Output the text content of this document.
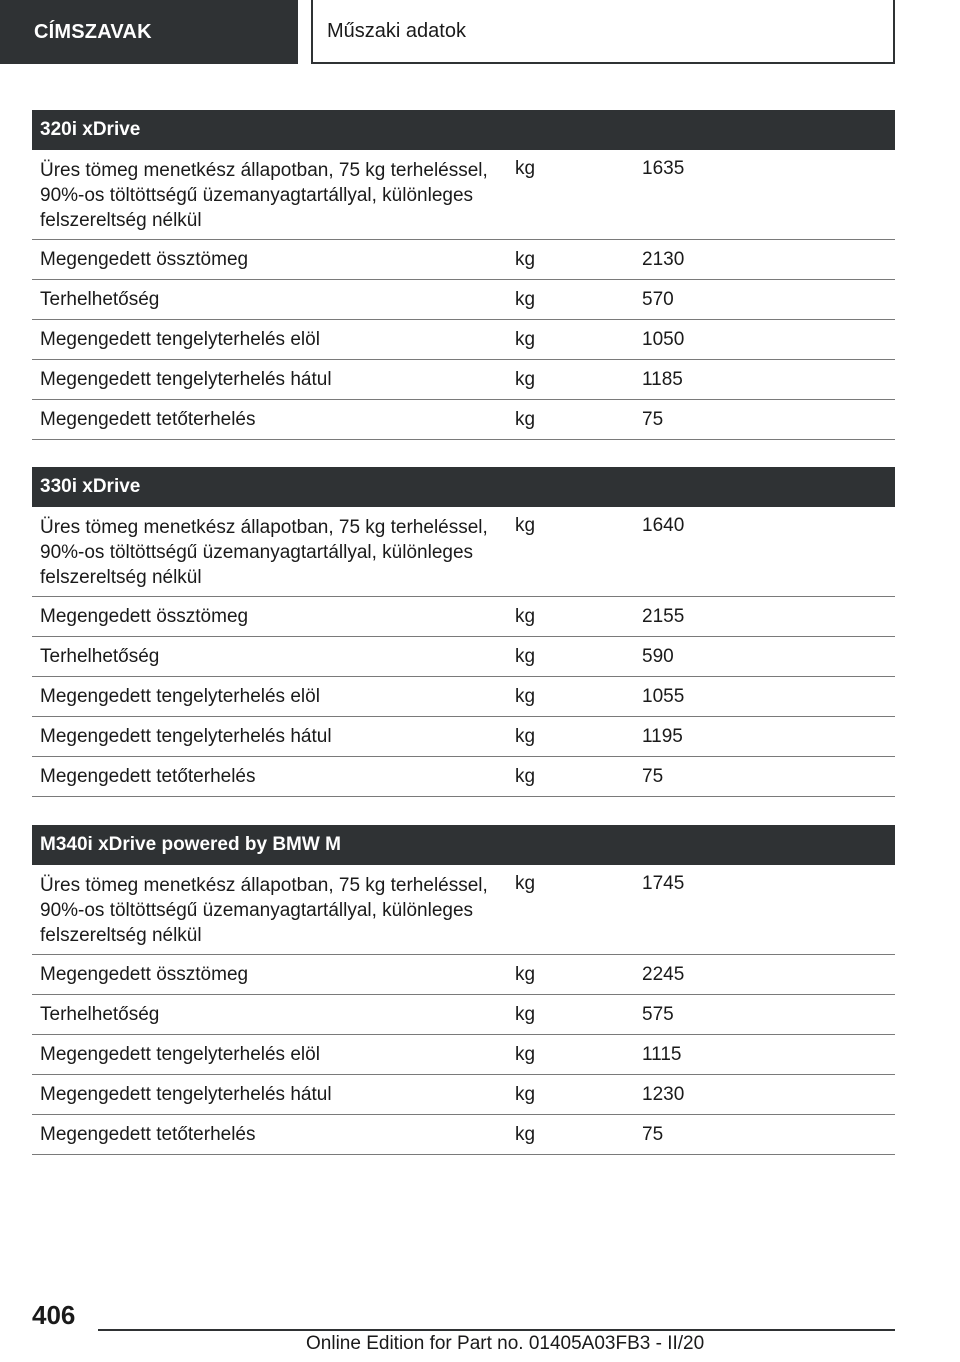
CÍMSZAVAK	Műszaki adatok
320i xDrive
Üres tömeg menetkész állapotban, 75 kg terheléssel, 90%-os töltöttségű üzemanyagtartállyal, különleges felszereltség nélkül
kg	1635
Megengedett össztömeg	kg	2130
Terhelhetőség	kg	570
Megengedett tengelyterhelés elöl	kg	1050
Megengedett tengelyterhelés hátul	kg	1185
Megengedett tetőterhelés	kg	75
330i xDrive
Üres tömeg menetkész állapotban, 75 kg terheléssel, 90%-os töltöttségű üzemanyagtartállyal, különleges felszereltség nélkül
kg	1640
Megengedett össztömeg	kg	2155
Terhelhetőség	kg	590
Megengedett tengelyterhelés elöl	kg	1055
Megengedett tengelyterhelés hátul	kg	1195
Megengedett tetőterhelés	kg	75
M340i xDrive powered by BMW M
Üres tömeg menetkész állapotban, 75 kg terheléssel, 90%-os töltöttségű üzemanyagtartállyal, különleges felszereltség nélkül
kg	1745
Megengedett össztömeg	kg	2245
Terhelhetőség	kg	575
Megengedett tengelyterhelés elöl	kg	1115
Megengedett tengelyterhelés hátul	kg	1230
Megengedett tetőterhelés	kg	75
406
Online Edition for Part no. 01405A03FB3 - II/20
